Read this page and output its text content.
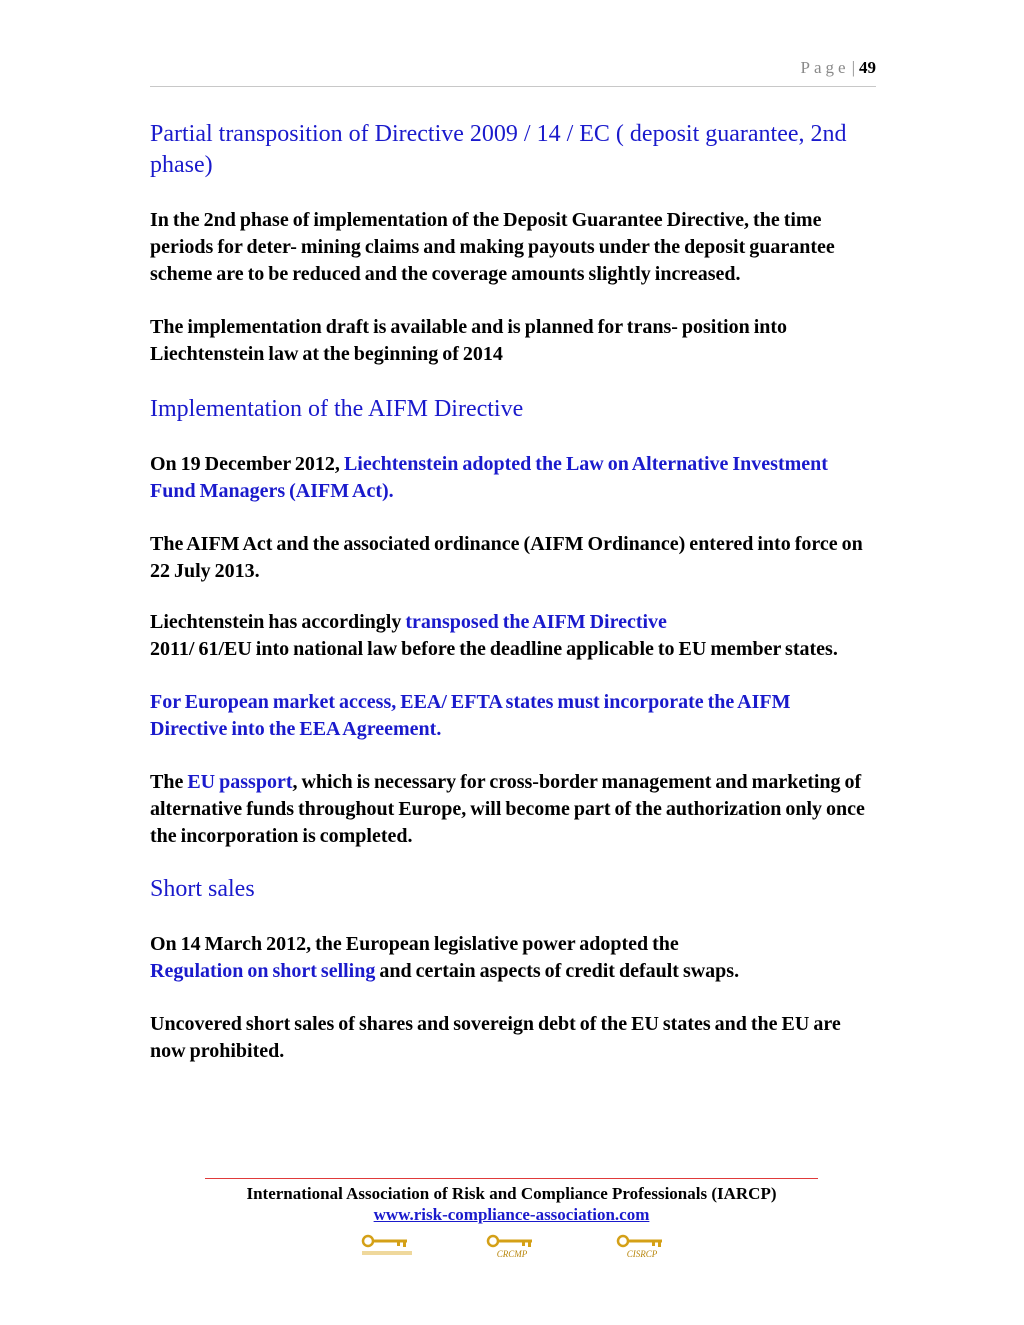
Page | 49
Partial transposition of Directive 2009 / 14 / EC ( deposit guarantee, 2nd phase)

In the 2nd phase of implementation of the Deposit Guarantee Directive, the time periods for deter- mining claims and making payouts under the deposit guarantee scheme are to be reduced and the coverage amounts slightly increased.

The implementation draft is available and is planned for trans- position into Liechtenstein law at the beginning of 2014

Implementation of the AIFM Directive

On 19 December 2012, Liechtenstein adopted the Law on Alternative Investment Fund Managers (AIFM Act).

The AIFM Act and the associated ordinance (AIFM Ordinance) entered into force on 22 July 2013.

Liechtenstein has accordingly transposed the AIFM Directive
2011/ 61/EU into national law before the deadline applicable to EU member states.

For European market access, EEA/ EFTA states must incorporate the AIFM Directive into the EEA Agreement.

The EU passport, which is necessary for cross-border management and marketing of alternative funds throughout Europe, will become part of the authorization only once the incorporation is completed.

Short sales

On 14 March 2012, the European legislative power adopted the
Regulation on short selling and certain aspects of credit default swaps.

Uncovered short sales of shares and sovereign debt of the EU states and the EU are now prohibited.

International Association of Risk and Compliance Professionals (IARCP)
www.risk-compliance-association.com
CRCMP	CISRCP
